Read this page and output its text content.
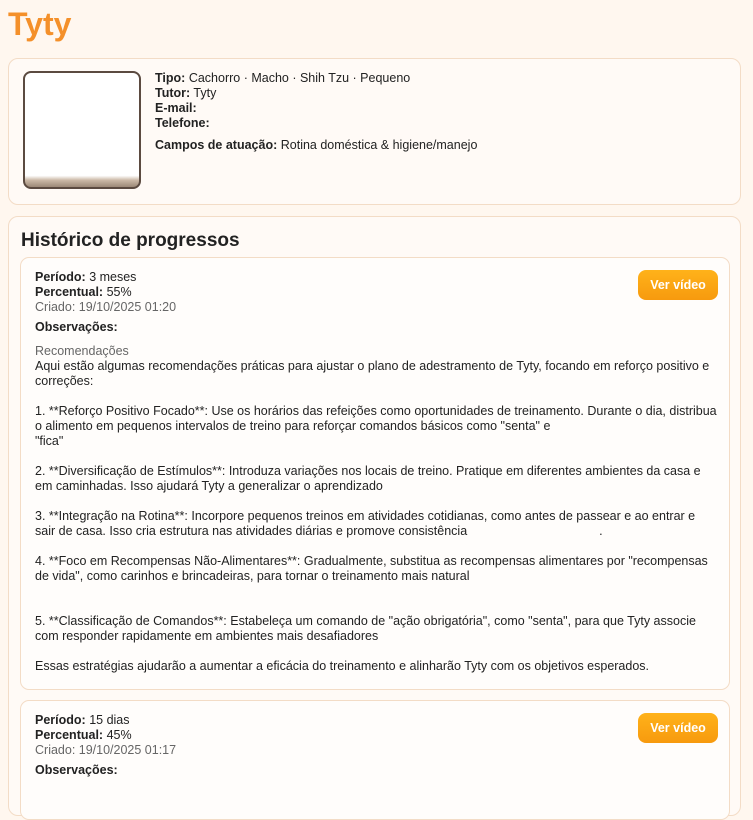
Tyty
Tipo: Cachorro · Macho · Shih Tzu · Pequeno
Tutor: Tyty
E-mail:
Telefone:
Campos de atuação: Rotina doméstica & higiene/manejo
Histórico de progressos
Período: 3 meses
Percentual: 55%
Criado: 19/10/2025 01:20
Observações:
Recomendações
Aqui estão algumas recomendações práticas para ajustar o plano de adestramento de Tyty, focando em reforço positivo e correções:

1. **Reforço Positivo Focado**: Use os horários das refeições como oportunidades de treinamento. Durante o dia, distribua o alimento em pequenos intervalos de treino para reforçar comandos básicos como "senta" e
"fica"

2. **Diversificação de Estímulos**: Introduza variações nos locais de treino. Pratique em diferentes ambientes da casa e em caminhadas. Isso ajudará Tyty a generalizar o aprendizado

3. **Integração na Rotina**: Incorpore pequenos treinos em atividades cotidianas, como antes de passear e ao entrar e sair de casa. Isso cria estrutura nas atividades diárias e promove consistência                                      .

4. **Foco em Recompensas Não-Alimentares**: Gradualmente, substitua as recompensas alimentares por "recompensas de vida", como carinhos e brincadeiras, para tornar o treinamento mais natural

5. **Classificação de Comandos**: Estabeleça um comando de "ação obrigatória", como "senta", para que Tyty associe com responder rapidamente em ambientes mais desafiadores

Essas estratégias ajudarão a aumentar a eficácia do treinamento e alinharão Tyty com os objetivos esperados.
Ver vídeo
Período: 15 dias
Percentual: 45%
Criado: 19/10/2025 01:17
Observações:
Ver vídeo
